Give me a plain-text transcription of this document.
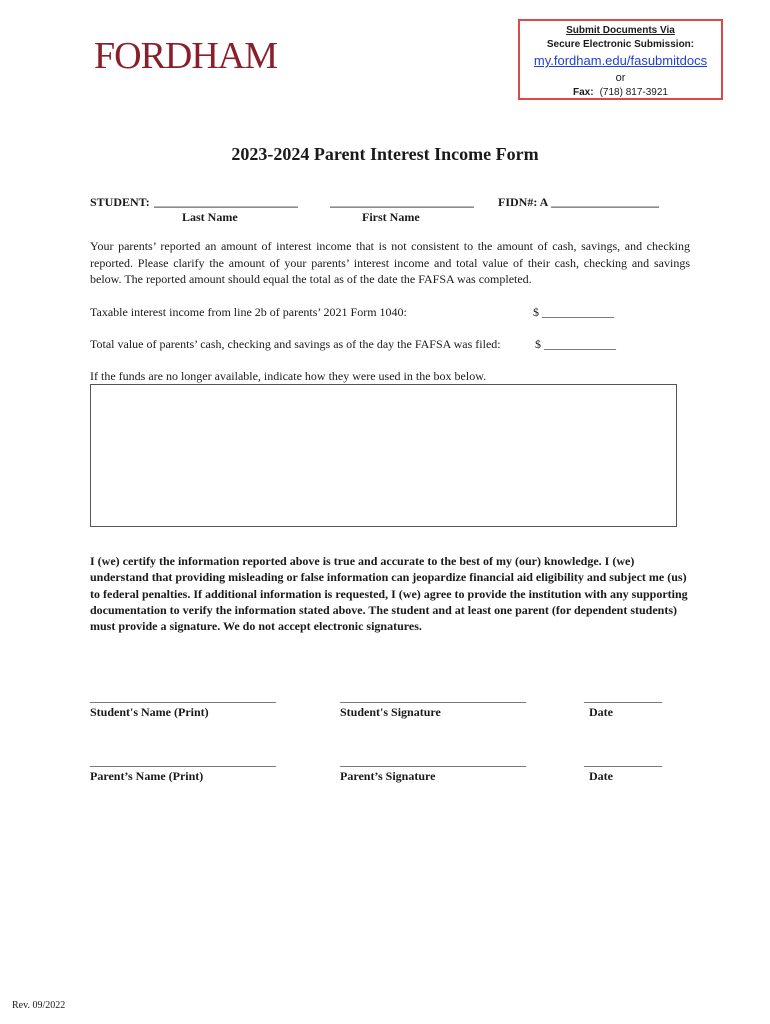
FORDHAM
Submit Documents Via
Secure Electronic Submission:
my.fordham.edu/fasubmitdocs
or
Fax: (718) 817-3921
2023-2024 Parent Interest Income Form
STUDENT: ________________________	________________________ FIDN#: A __________________
Last Name	First Name
Your parents’ reported an amount of interest income that is not consistent to the amount of cash, savings, and checking reported. Please clarify the amount of your parents’ interest income and total value of their cash, checking and savings below. The reported amount should equal the total as of the date the FAFSA was completed.
Taxable interest income from line 2b of parents’ 2021 Form 1040:	$ ____________
Total value of parents’ cash, checking and savings as of the day the FAFSA was filed:	$ ____________
If the funds are no longer available, indicate how they were used in the box below.
I (we) certify the information reported above is true and accurate to the best of my (our) knowledge. I (we) understand that providing misleading or false information can jeopardize financial aid eligibility and subject me (us) to federal penalties. If additional information is requested, I (we) agree to provide the institution with any supporting documentation to verify the information stated above. The student and at least one parent (for dependent students) must provide a signature. We do not accept electronic signatures.
_______________________________	_______________________________	_____________
Student's Name (Print)	Student's Signature	Date
_______________________________	_______________________________	_____________
Parent’s Name (Print)	Parent’s Signature	Date
Rev. 09/2022
